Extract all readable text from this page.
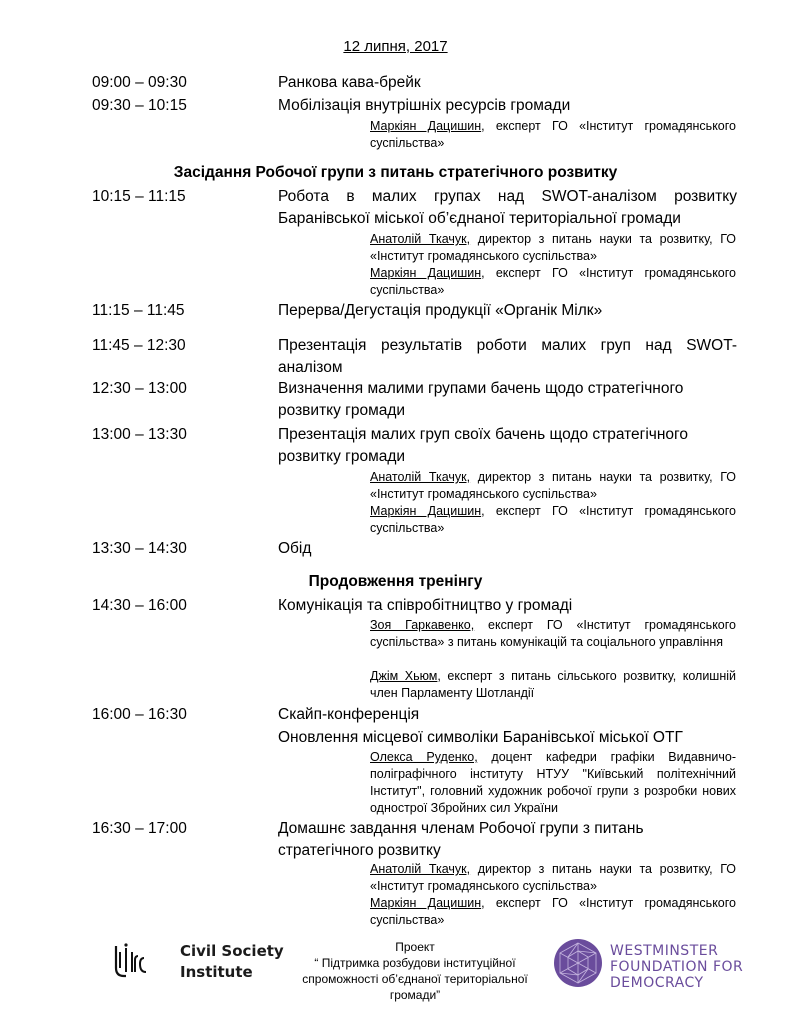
12 липня, 2017
09:00 – 09:30	Ранкова кава-брейк
09:30 – 10:15	Мобілізація внутрішніх ресурсів громади
Маркіян Дацишин, експерт ГО «Інститут громадянського суспільства»
Засідання Робочої групи з питань стратегічного розвитку
10:15 – 11:15	Робота в малих групах над SWOT-аналізом розвитку Баранівської міської об’єднаної територіальної громади
Анатолій Ткачук, директор з питань науки та розвитку, ГО «Інститут громадянського суспільства»
Маркіян Дацишин, експерт ГО «Інститут громадянського суспільства»
11:15 – 11:45	Перерва/Дегустація продукції «Органік Мілк»
11:45 – 12:30	Презентація результатів роботи малих груп над SWOT-аналізом
12:30 – 13:00	Визначення малими групами бачень щодо стратегічного розвитку громади
13:00 – 13:30	Презентація малих груп своїх бачень щодо стратегічного розвитку громади
Анатолій Ткачук, директор з питань науки та розвитку, ГО «Інститут громадянського суспільства»
Маркіян Дацишин, експерт ГО «Інститут громадянського суспільства»
13:30 – 14:30	Обід
Продовження тренінгу
14:30 – 16:00	Комунікація та співробітництво у громаді
Зоя Гаркавенко, експерт ГО «Інститут громадянського суспільства» з питань комунікацій та соціального управління
Джім Хьюм, експерт з питань сільського розвитку, колишній член Парламенту Шотландії
16:00 – 16:30	Скайп-конференція
Оновлення місцевої символіки Баранівської міської ОТГ
Олекса Руденко, доцент кафедри графіки Видавничо-поліграфічного інституту НТУУ "Київський політехнічний Інститут", головний художник робочої групи з розробки нових однострої Збройних сил України
16:30 – 17:00	Домашнє завдання членам Робочої групи з питань стратегічного розвитку
Анатолій Ткачук, директор з питань науки та розвитку, ГО «Інститут громадянського суспільства»
Маркіян Дацишин, експерт ГО «Інститут громадянського суспільства»
Civil Society
Institute
Проект
“ Підтримка розбудови інституційної спроможності об’єднаної територіальної громади”
WESTMINSTER
FOUNDATION FOR
DEMOCRACY
